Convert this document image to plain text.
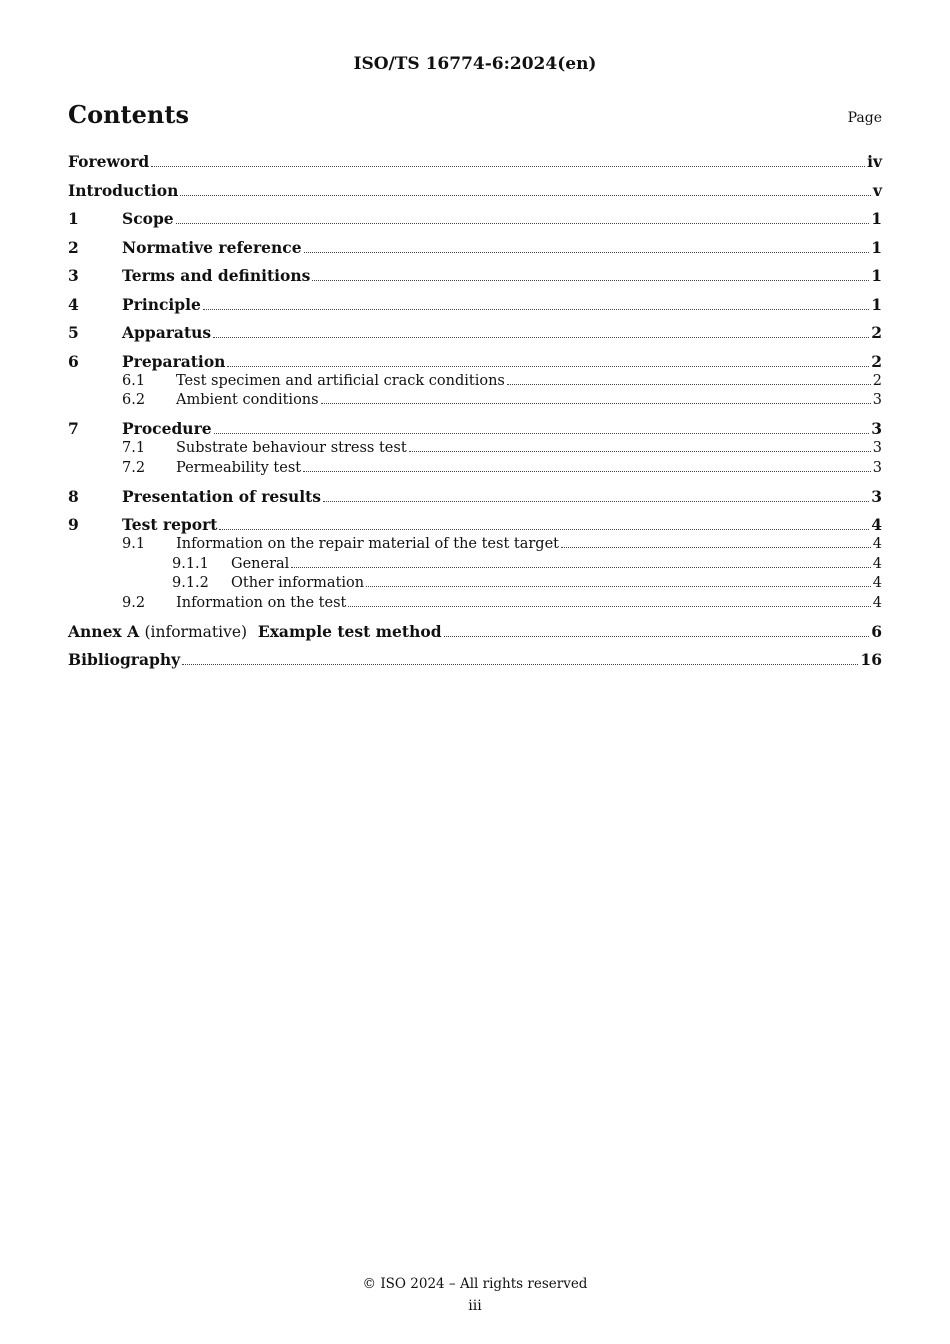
ISO/TS 16774-6:2024(en)
Contents	Page
Foreword	iv
Introduction	v
1	Scope	1
2	Normative reference	1
3	Terms and definitions	1
4	Principle	1
5	Apparatus	2
6	Preparation	2
6.1	Test specimen and artificial crack conditions	2
6.2	Ambient conditions	3
7	Procedure	3
7.1	Substrate behaviour stress test	3
7.2	Permeability test	3
8	Presentation of results	3
9	Test report	4
9.1	Information on the repair material of the test target	4
9.1.1	General	4
9.1.2	Other information	4
9.2	Information on the test	4
Annex A (informative) Example test method	6
Bibliography	16
© ISO 2024 – All rights reserved
iii
